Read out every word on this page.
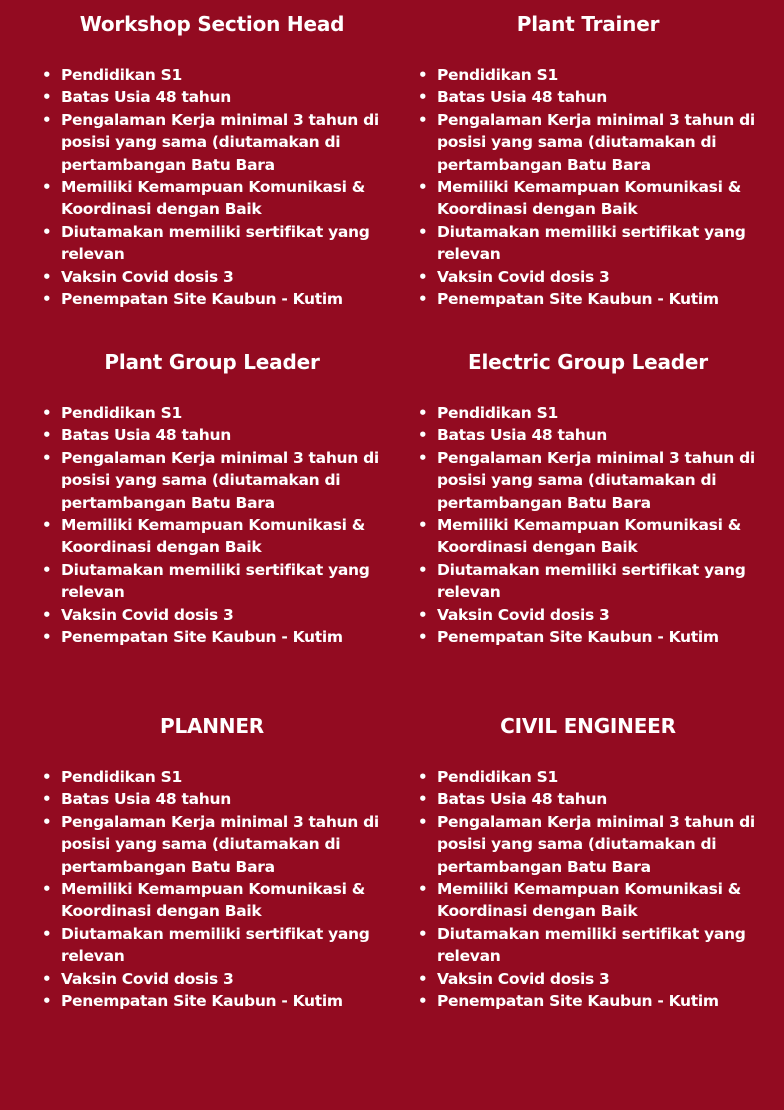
Workshop Section Head
• Pendidikan S1
• Batas Usia 48 tahun
• Pengalaman Kerja minimal 3 tahun di posisi yang sama (diutamakan di pertambangan Batu Bara
• Memiliki Kemampuan Komunikasi & Koordinasi dengan Baik
• Diutamakan memiliki sertifikat yang relevan
• Vaksin Covid dosis 3
• Penempatan Site Kaubun - Kutim
Plant Trainer
• Pendidikan S1
• Batas Usia 48 tahun
• Pengalaman Kerja minimal 3 tahun di posisi yang sama (diutamakan di pertambangan Batu Bara
• Memiliki Kemampuan Komunikasi & Koordinasi dengan Baik
• Diutamakan memiliki sertifikat yang relevan
• Vaksin Covid dosis 3
• Penempatan Site Kaubun - Kutim
Plant Group Leader
• Pendidikan S1
• Batas Usia 48 tahun
• Pengalaman Kerja minimal 3 tahun di posisi yang sama (diutamakan di pertambangan Batu Bara
• Memiliki Kemampuan Komunikasi & Koordinasi dengan Baik
• Diutamakan memiliki sertifikat yang relevan
• Vaksin Covid dosis 3
• Penempatan Site Kaubun - Kutim
Electric Group Leader
• Pendidikan S1
• Batas Usia 48 tahun
• Pengalaman Kerja minimal 3 tahun di posisi yang sama (diutamakan di pertambangan Batu Bara
• Memiliki Kemampuan Komunikasi & Koordinasi dengan Baik
• Diutamakan memiliki sertifikat yang relevan
• Vaksin Covid dosis 3
• Penempatan Site Kaubun - Kutim
PLANNER
• Pendidikan S1
• Batas Usia 48 tahun
• Pengalaman Kerja minimal 3 tahun di posisi yang sama (diutamakan di pertambangan Batu Bara
• Memiliki Kemampuan Komunikasi & Koordinasi dengan Baik
• Diutamakan memiliki sertifikat yang relevan
• Vaksin Covid dosis 3
• Penempatan Site Kaubun - Kutim
CIVIL ENGINEER
• Pendidikan S1
• Batas Usia 48 tahun
• Pengalaman Kerja minimal 3 tahun di posisi yang sama (diutamakan di pertambangan Batu Bara
• Memiliki Kemampuan Komunikasi & Koordinasi dengan Baik
• Diutamakan memiliki sertifikat yang relevan
• Vaksin Covid dosis 3
• Penempatan Site Kaubun - Kutim
